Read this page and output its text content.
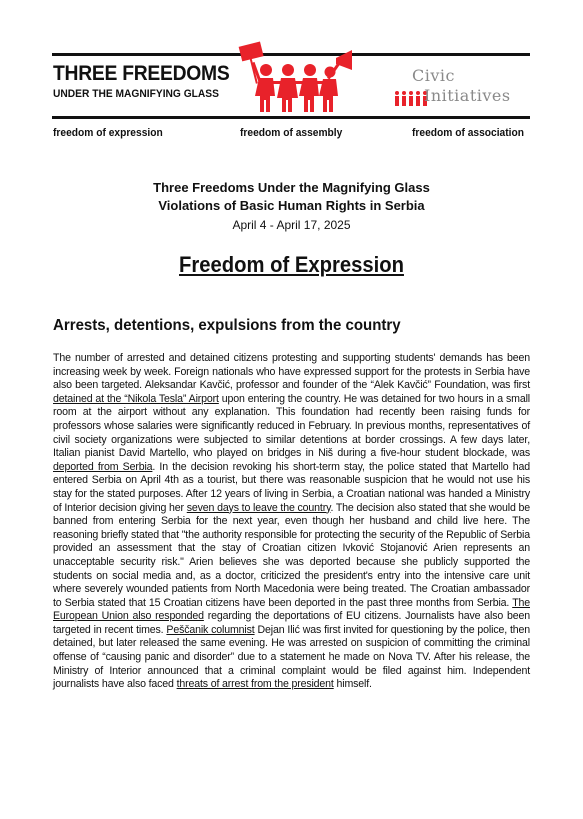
THREE FREEDOMS
UNDER THE MAGNIFYING GLASS
Civic
Initiatives
freedom of expression	freedom of assembly	freedom of association
Three Freedoms Under the Magnifying Glass
Violations of Basic Human Rights in Serbia
April 4 - April 17, 2025
Freedom of Expression
Arrests, detentions, expulsions from the country
The number of arrested and detained citizens protesting and supporting students' demands has been increasing week by week. Foreign nationals who have expressed support for the protests in Serbia have also been targeted. Aleksandar Kavčić, professor and founder of the “Alek Kavčić” Foundation, was first detained at the “Nikola Tesla” Airport upon entering the country. He was detained for two hours in a small room at the airport without any explanation. This foundation had recently been raising funds for professors whose salaries were significantly reduced in February. In previous months, representatives of civil society organizations were subjected to similar detentions at border crossings. A few days later, Italian pianist David Martello, who played on bridges in Niš during a five-hour student blockade, was deported from Serbia. In the decision revoking his short-term stay, the police stated that Martello had entered Serbia on April 4th as a tourist, but there was reasonable suspicion that he would not use his stay for the stated purposes. After 12 years of living in Serbia, a Croatian national was handed a Ministry of Interior decision giving her seven days to leave the country. The decision also stated that she would be banned from entering Serbia for the next year, even though her husband and child live here. The reasoning briefly stated that "the authority responsible for protecting the security of the Republic of Serbia provided an assessment that the stay of Croatian citizen Ivković Stojanović Arien represents an unacceptable security risk." Arien believes she was deported because she publicly supported the students on social media and, as a doctor, criticized the president's entry into the intensive care unit where severely wounded patients from North Macedonia were being treated. The Croatian ambassador to Serbia stated that 15 Croatian citizens have been deported in the past three months from Serbia. The European Union also responded regarding the deportations of EU citizens. Journalists have also been targeted in recent times. Peščanik columnist Dejan Ilić was first invited for questioning by the police, then detained, but later released the same evening. He was arrested on suspicion of committing the criminal offense of “causing panic and disorder” due to a statement he made on Nova TV. After his release, the Ministry of Interior announced that a criminal complaint would be filed against him. Independent journalists have also faced threats of arrest from the president himself.
